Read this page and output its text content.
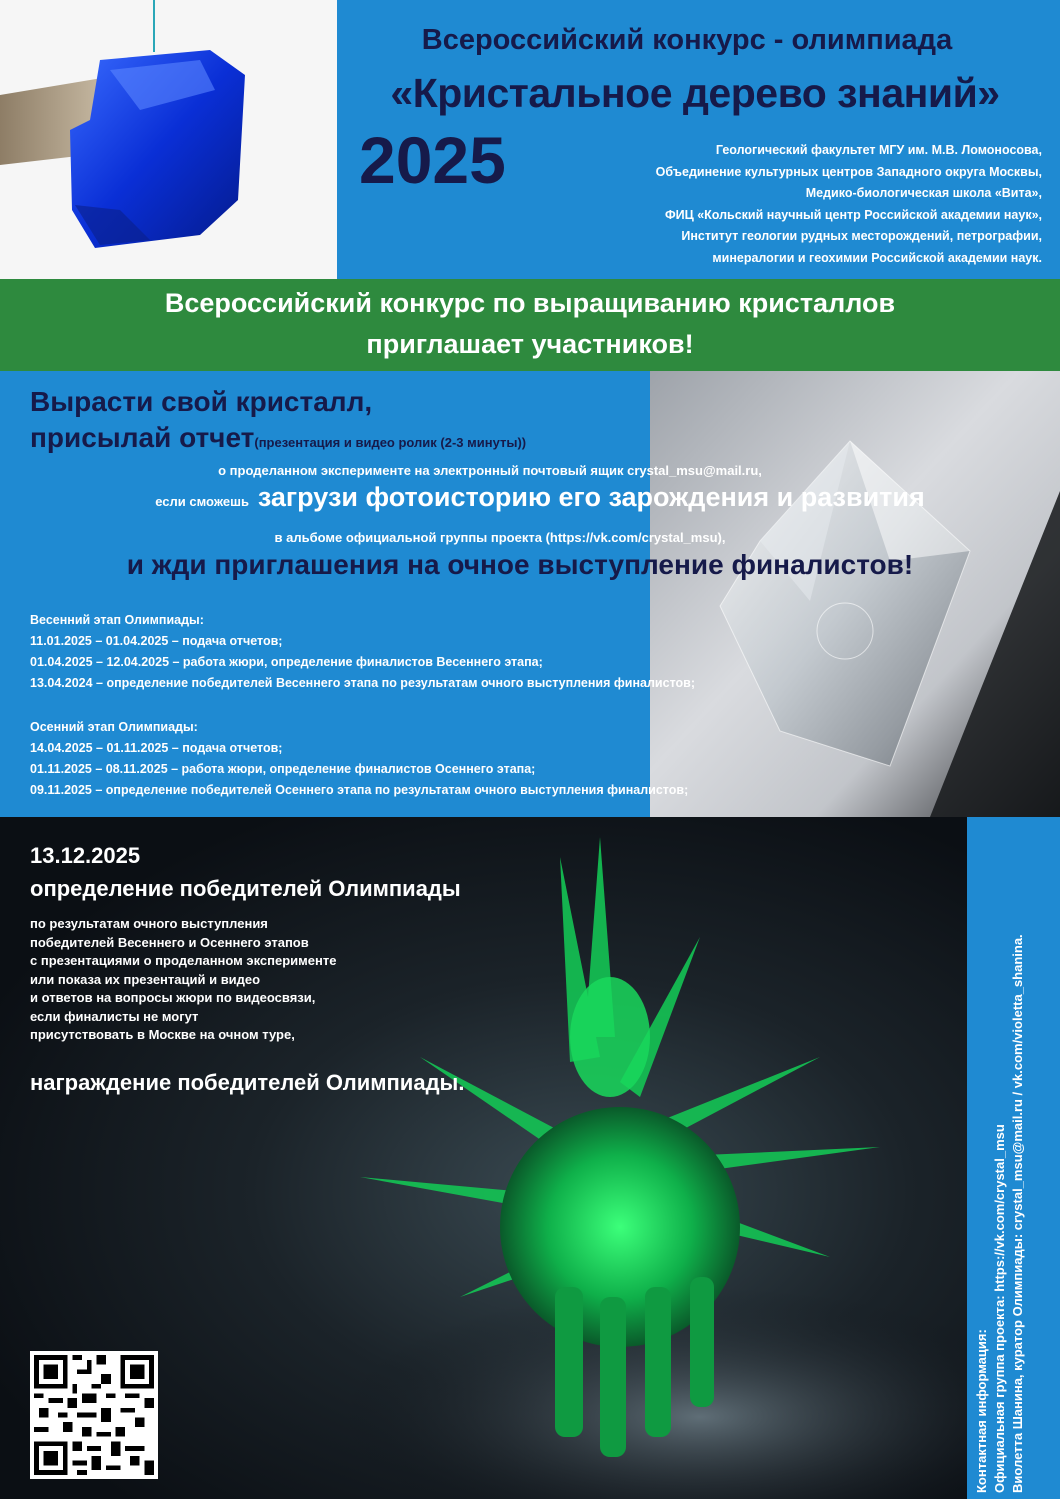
Всероссийский конкурс - олимпиада
«Кристальное дерево знаний»
2025	Геологический факультет МГУ им. М.В. Ломоносова,
Объединение культурных центров Западного округа Москвы,
Медико-биологическая школа «Вита»,
ФИЦ «Кольский научный центр Российской академии наук»,
Институт геологии рудных месторождений, петрографии,
минералогии и геохимии Российской академии наук.
Всероссийский конкурс по выращиванию кристаллов
приглашает участников!
Вырасти свой кристалл,
присылай отчет(презентация и видео ролик (2-3 минуты))
о проделанном эксперименте на электронный почтовый ящик crystal_msu@mail.ru,
если сможешь загрузи фотоисторию его зарождения и развития
в альбоме официальной группы проекта (https://vk.com/crystal_msu),
и жди приглашения на очное выступление финалистов!
Весенний этап Олимпиады:
11.01.2025 – 01.04.2025 – подача отчетов;
01.04.2025 – 12.04.2025 – работа жюри, определение финалистов Весеннего этапа;
13.04.2024 – определение победителей Весеннего этапа по результатам очного выступления финалистов;
Осенний этап Олимпиады:
14.04.2025 – 01.11.2025 – подача отчетов;
01.11.2025 – 08.11.2025 – работа жюри, определение финалистов Осеннего этапа;
09.11.2025 – определение победителей Осеннего этапа по результатам очного выступления финалистов;
13.12.2025
определение победителей Олимпиады
по результатам очного выступления
победителей Весеннего и Осеннего этапов
с презентациями о проделанном эксперименте
или показа их презентаций и видео
и ответов на вопросы жюри по видеосвязи,
если финалисты не могут
присутствовать в Москве на очном туре,
награждение победителей Олимпиады.
Контактная информация: Официальная группа проекта: https://vk.com/crystal_msu Виолетта Шанина, куратор Олимпиады: crystal_msu@mail.ru / vk.com/violetta_shanina.
